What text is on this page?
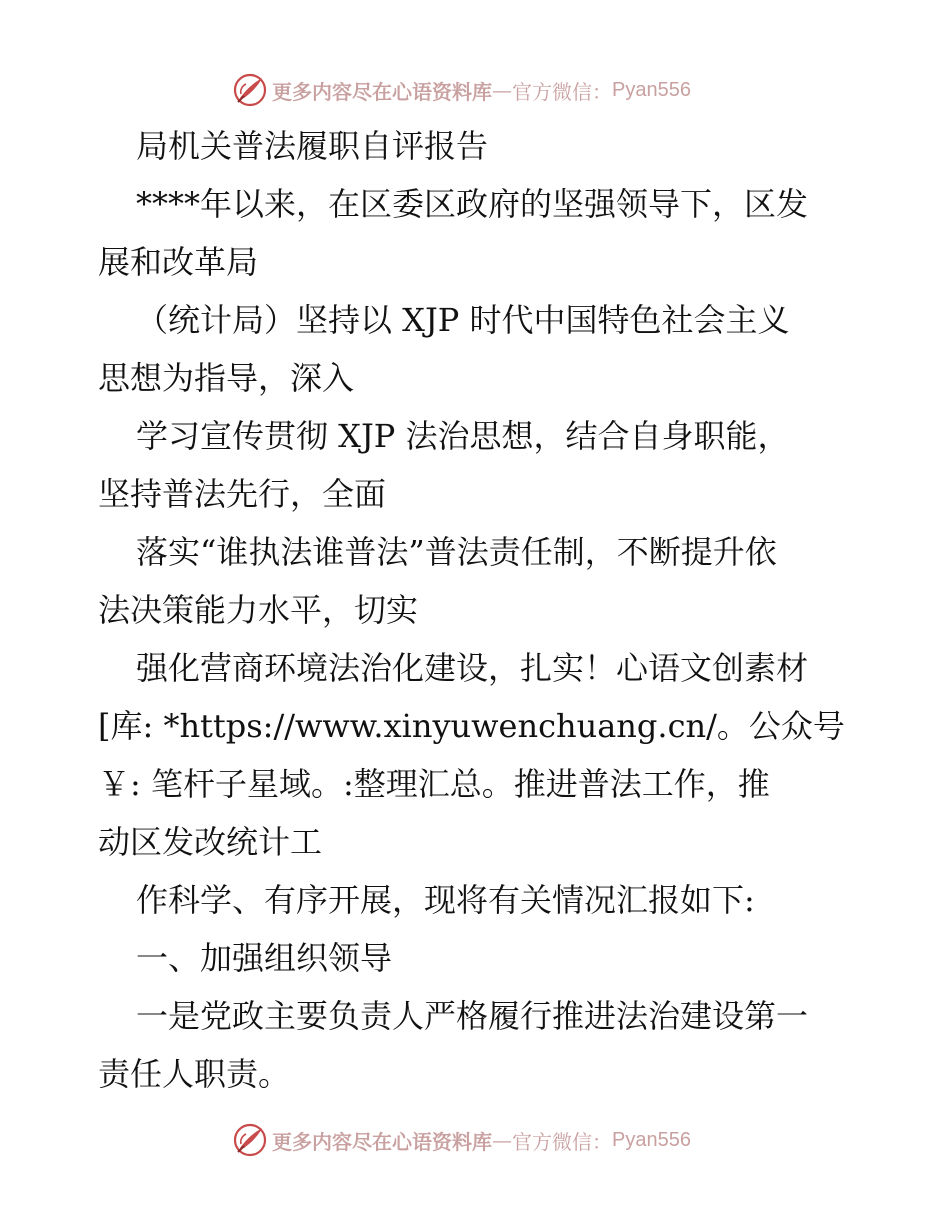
更多内容尽在心语资料库 — 官方微信： Pyan556
局机关普法履职自评报告
****年以来，在区委区政府的坚强领导下，区发
展和改革局
（统计局）坚持以 XJP 时代中国特色社会主义
思想为指导，深入
学习宣传贯彻 XJP 法治思想，结合自身职能，
坚持普法先行，全面
落实“谁执法谁普法”普法责任制，不断提升依
法决策能力水平，切实
强化营商环境法治化建设，扎实！心语文创素材
[库: *https://www.xinyuwenchuang.cn/。公众号
￥: 笔杆子星域。:整理汇总。推进普法工作，推
动区发改统计工
作科学、有序开展，现将有关情况汇报如下:
一、加强组织领导
一是党政主要负责人严格履行推进法治建设第一
责任人职责。
更多内容尽在心语资料库 — 官方微信： Pyan556
